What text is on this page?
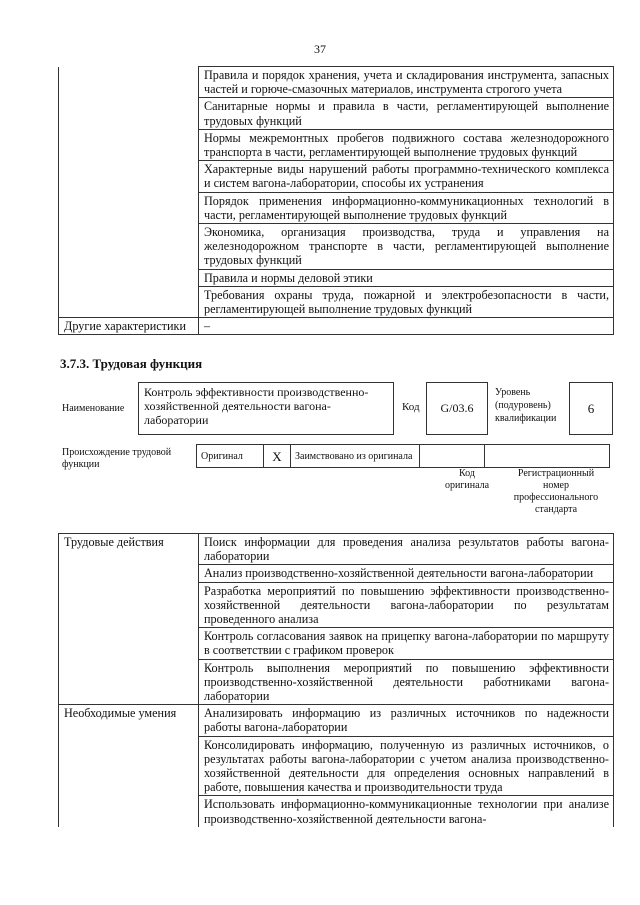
37
	Правила и порядок хранения, учета и складирования инструмента, запасных частей и горюче-смазочных материалов, инструмента строгого учета
	Санитарные нормы и правила в части, регламентирующей выполнение трудовых функций
	Нормы межремонтных пробегов подвижного состава железнодорожного транспорта в части, регламентирующей выполнение трудовых функций
	Характерные виды нарушений работы программно-технического комплекса и систем вагона-лаборатории, способы их устранения
	Порядок применения информационно-коммуникационных технологий в части, регламентирующей выполнение трудовых функций
	Экономика, организация производства, труда и управления на железнодорожном транспорте в части, регламентирующей выполнение трудовых функций
	Правила и нормы деловой этики
	Требования охраны труда, пожарной и электробезопасности в части, регламентирующей выполнение трудовых функций
Другие характеристики	–
3.7.3. Трудовая функция
Наименование
Контроль эффективности производственно-хозяйственной деятельности вагона-лаборатории
Код	G/03.6
Уровень (подуровень) квалификации
6
Происхождение трудовой функции
Оригинал	X	Заимствовано из оригинала		
Код оригинала
Регистрационный номер профессионального стандарта
Трудовые действия	Поиск информации для проведения анализа результатов работы вагона-лаборатории
	Анализ производственно-хозяйственной деятельности вагона-лаборатории
	Разработка мероприятий по повышению эффективности производственно-хозяйственной деятельности вагона-лаборатории по результатам проведенного анализа
	Контроль согласования заявок на прицепку вагона-лаборатории по маршруту в соответствии с графиком проверок
	Контроль выполнения мероприятий по повышению эффективности производственно-хозяйственной деятельности работниками вагона-лаборатории
Необходимые умения	Анализировать информацию из различных источников по надежности работы вагона-лаборатории
	Консолидировать информацию, полученную из различных источников, о результатах работы вагона-лаборатории с учетом анализа производственно-хозяйственной деятельности для определения основных направлений в работе, повышения качества и производительности труда
	Использовать информационно-коммуникационные технологии при анализе производственно-хозяйственной деятельности вагона-
